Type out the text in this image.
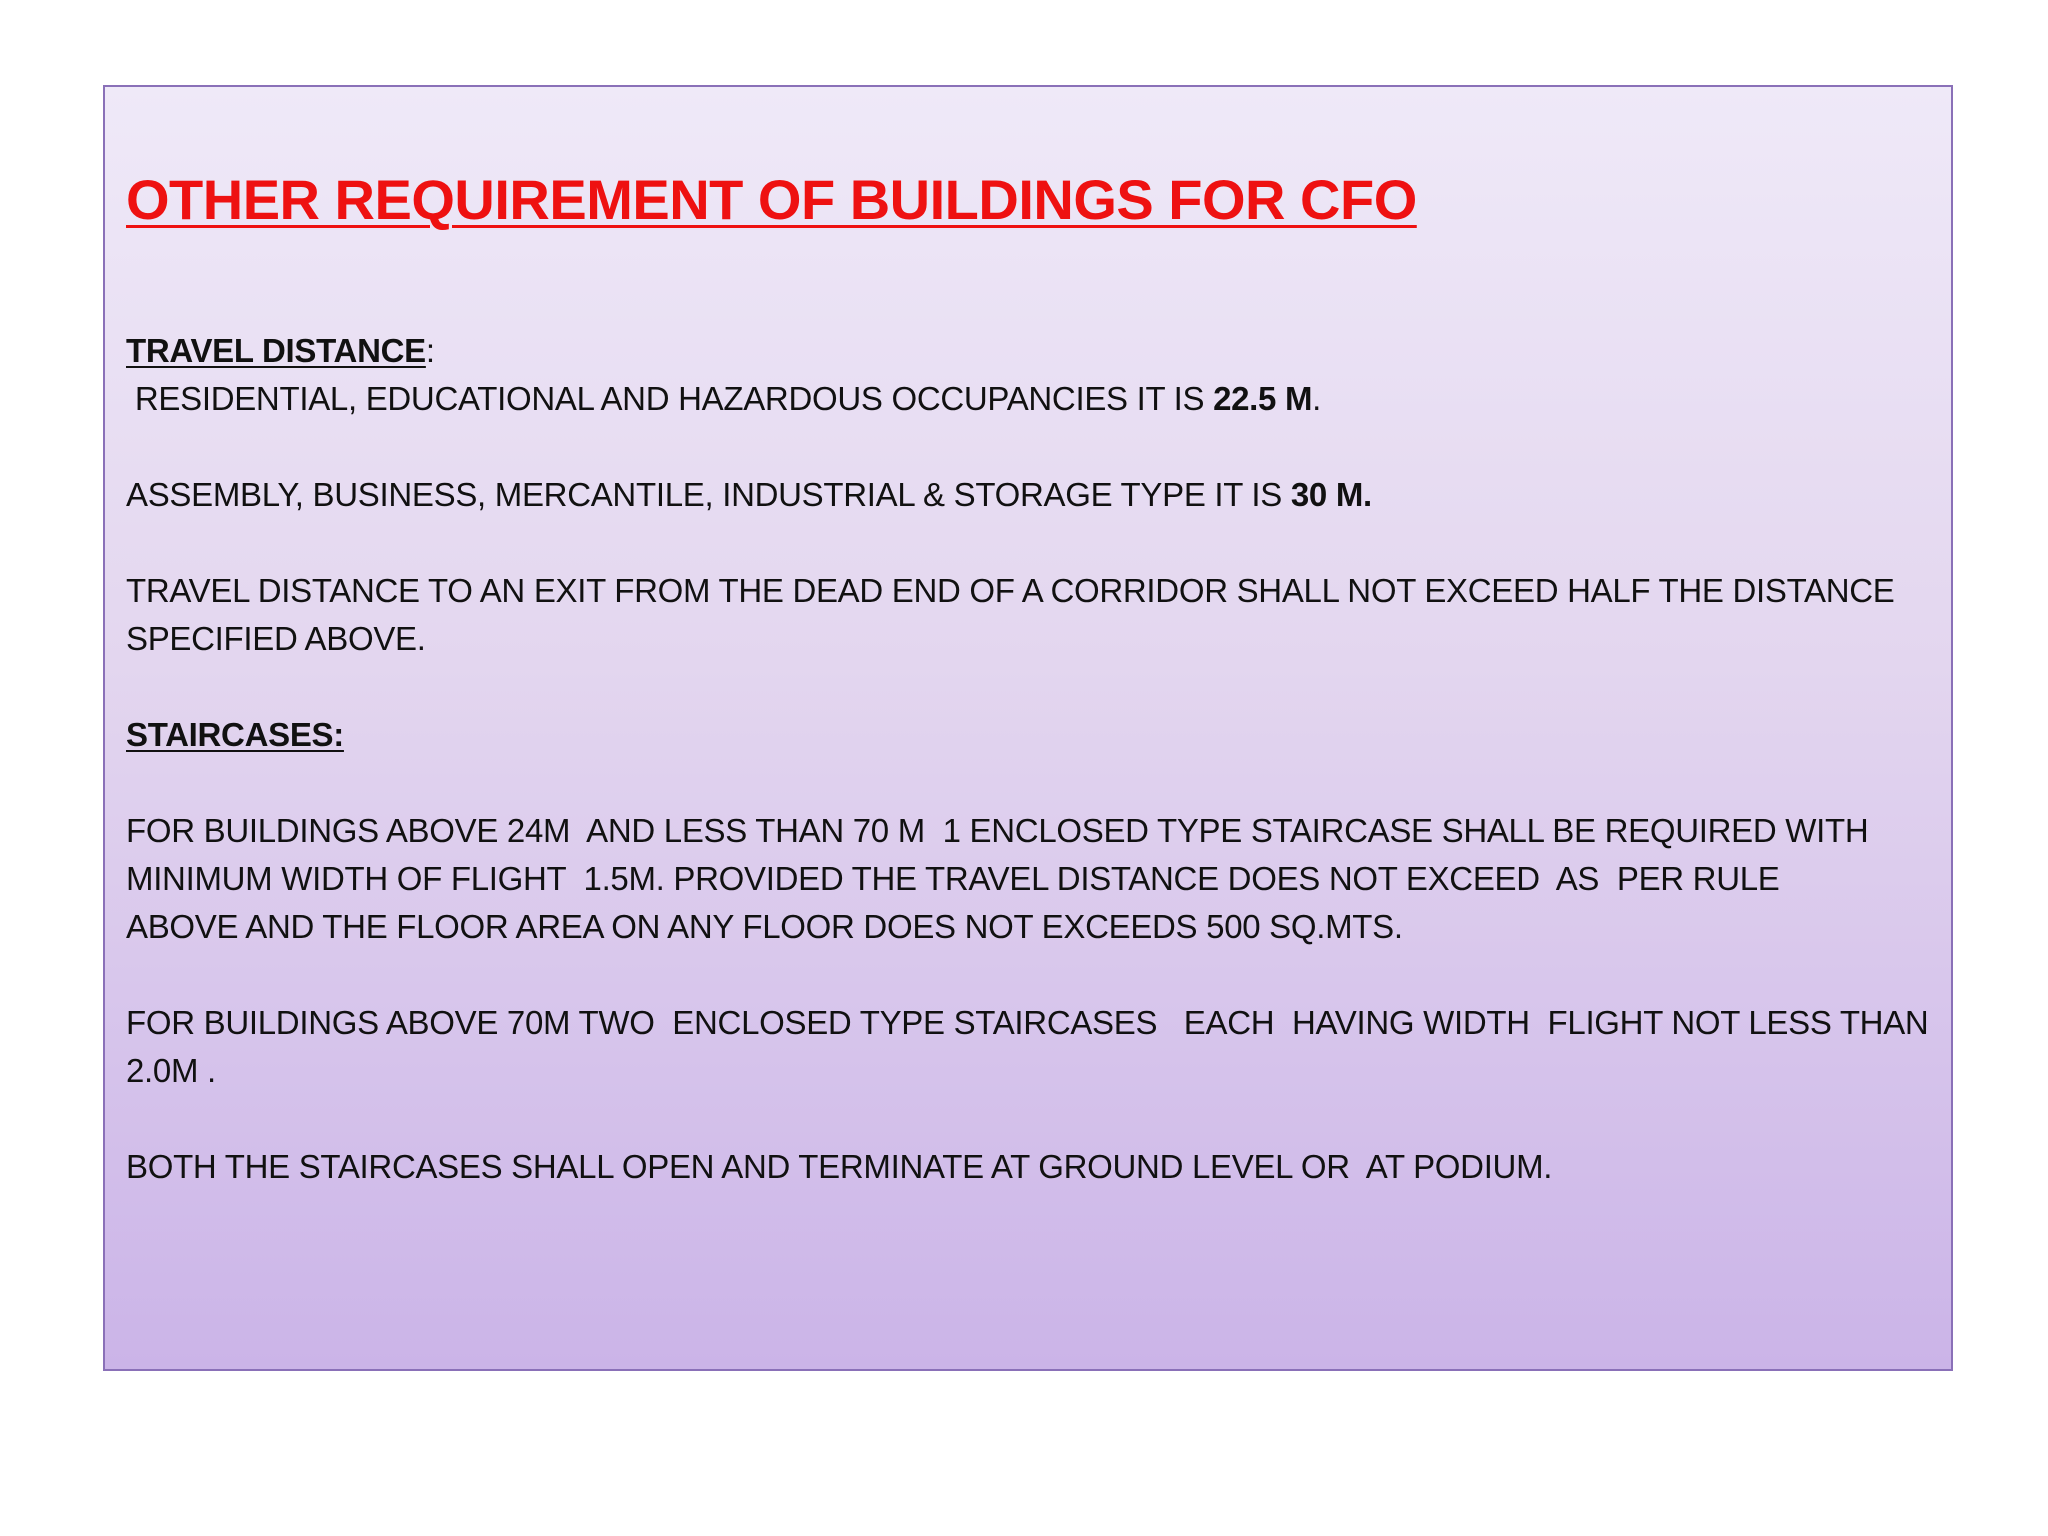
OTHER REQUIREMENT OF BUILDINGS FOR CFO

TRAVEL DISTANCE:

RESIDENTIAL, EDUCATIONAL AND HAZARDOUS OCCUPANCIES IT IS 22.5 M.

ASSEMBLY, BUSINESS, MERCANTILE, INDUSTRIAL & STORAGE TYPE IT IS 30 M.

TRAVEL DISTANCE TO AN EXIT FROM THE DEAD END OF A CORRIDOR SHALL NOT EXCEED HALF THE DISTANCE

SPECIFIED ABOVE.

STAIRCASES:

FOR BUILDINGS ABOVE 24M  AND LESS THAN 70 M  1 ENCLOSED TYPE STAIRCASE SHALL BE REQUIRED WITH

MINIMUM WIDTH OF FLIGHT  1.5M. PROVIDED THE TRAVEL DISTANCE DOES NOT EXCEED  AS  PER RULE

ABOVE AND THE FLOOR AREA ON ANY FLOOR DOES NOT EXCEEDS 500 SQ.MTS.

FOR BUILDINGS ABOVE 70M TWO  ENCLOSED TYPE STAIRCASES   EACH  HAVING WIDTH  FLIGHT NOT LESS THAN

2.0M .

BOTH THE STAIRCASES SHALL OPEN AND TERMINATE AT GROUND LEVEL OR  AT PODIUM.
